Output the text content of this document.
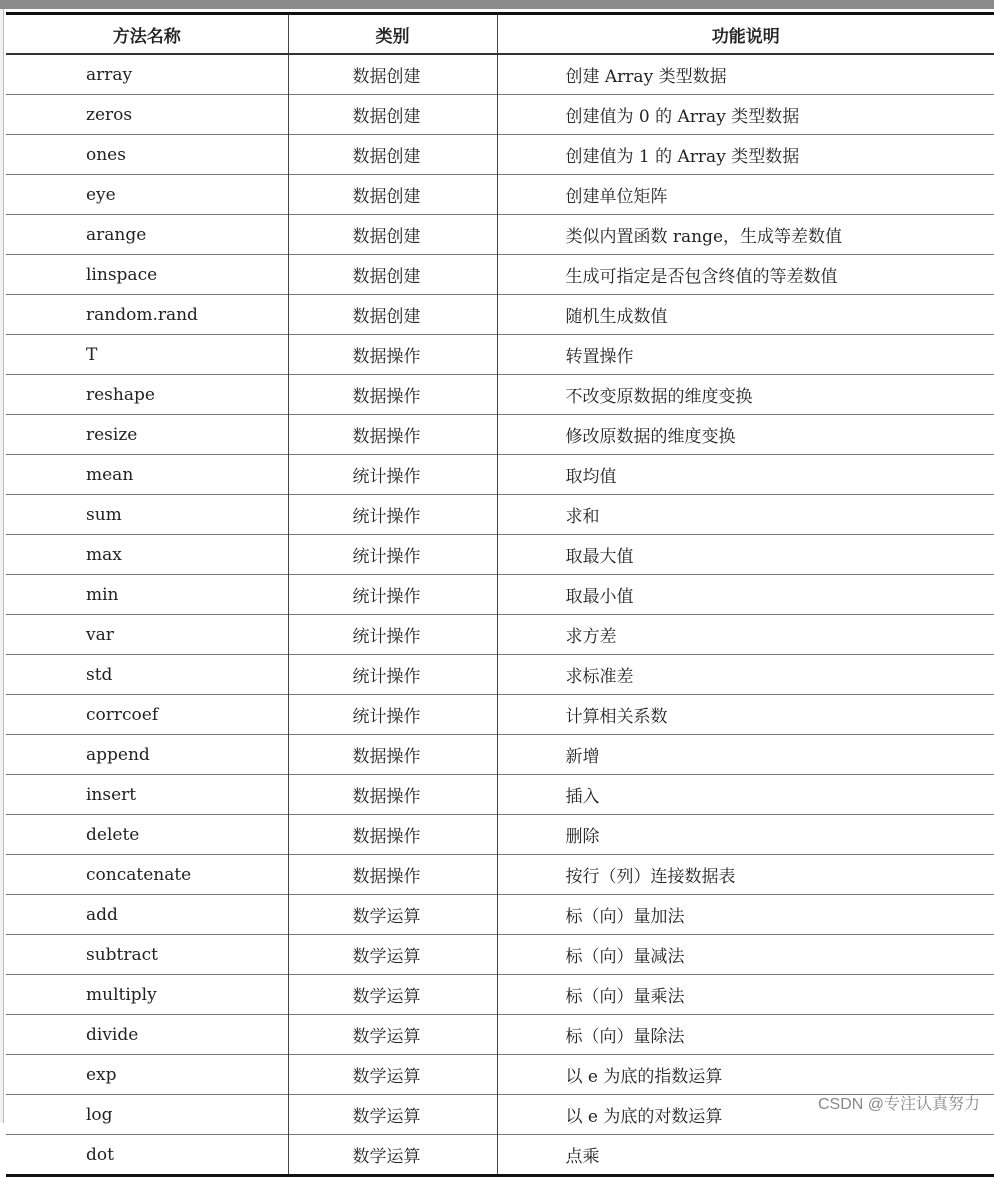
方法名称	类别	功能说明
array	数据创建	创建 Array 类型数据
zeros	数据创建	创建值为 0 的 Array 类型数据
ones	数据创建	创建值为 1 的 Array 类型数据
eye	数据创建	创建单位矩阵
arange	数据创建	类似内置函数 range，生成等差数值
linspace	数据创建	生成可指定是否包含终值的等差数值
random.rand	数据创建	随机生成数值
T	数据操作	转置操作
reshape	数据操作	不改变原数据的维度变换
resize	数据操作	修改原数据的维度变换
mean	统计操作	取均值
sum	统计操作	求和
max	统计操作	取最大值
min	统计操作	取最小值
var	统计操作	求方差
std	统计操作	求标准差
corrcoef	统计操作	计算相关系数
append	数据操作	新增
insert	数据操作	插入
delete	数据操作	删除
concatenate	数据操作	按行（列）连接数据表
add	数学运算	标（向）量加法
subtract	数学运算	标（向）量减法
multiply	数学运算	标（向）量乘法
divide	数学运算	标（向）量除法
exp	数学运算	以 e 为底的指数运算
log	数学运算	以 e 为底的对数运算
dot	数学运算	点乘
CSDN @专注认真努力
